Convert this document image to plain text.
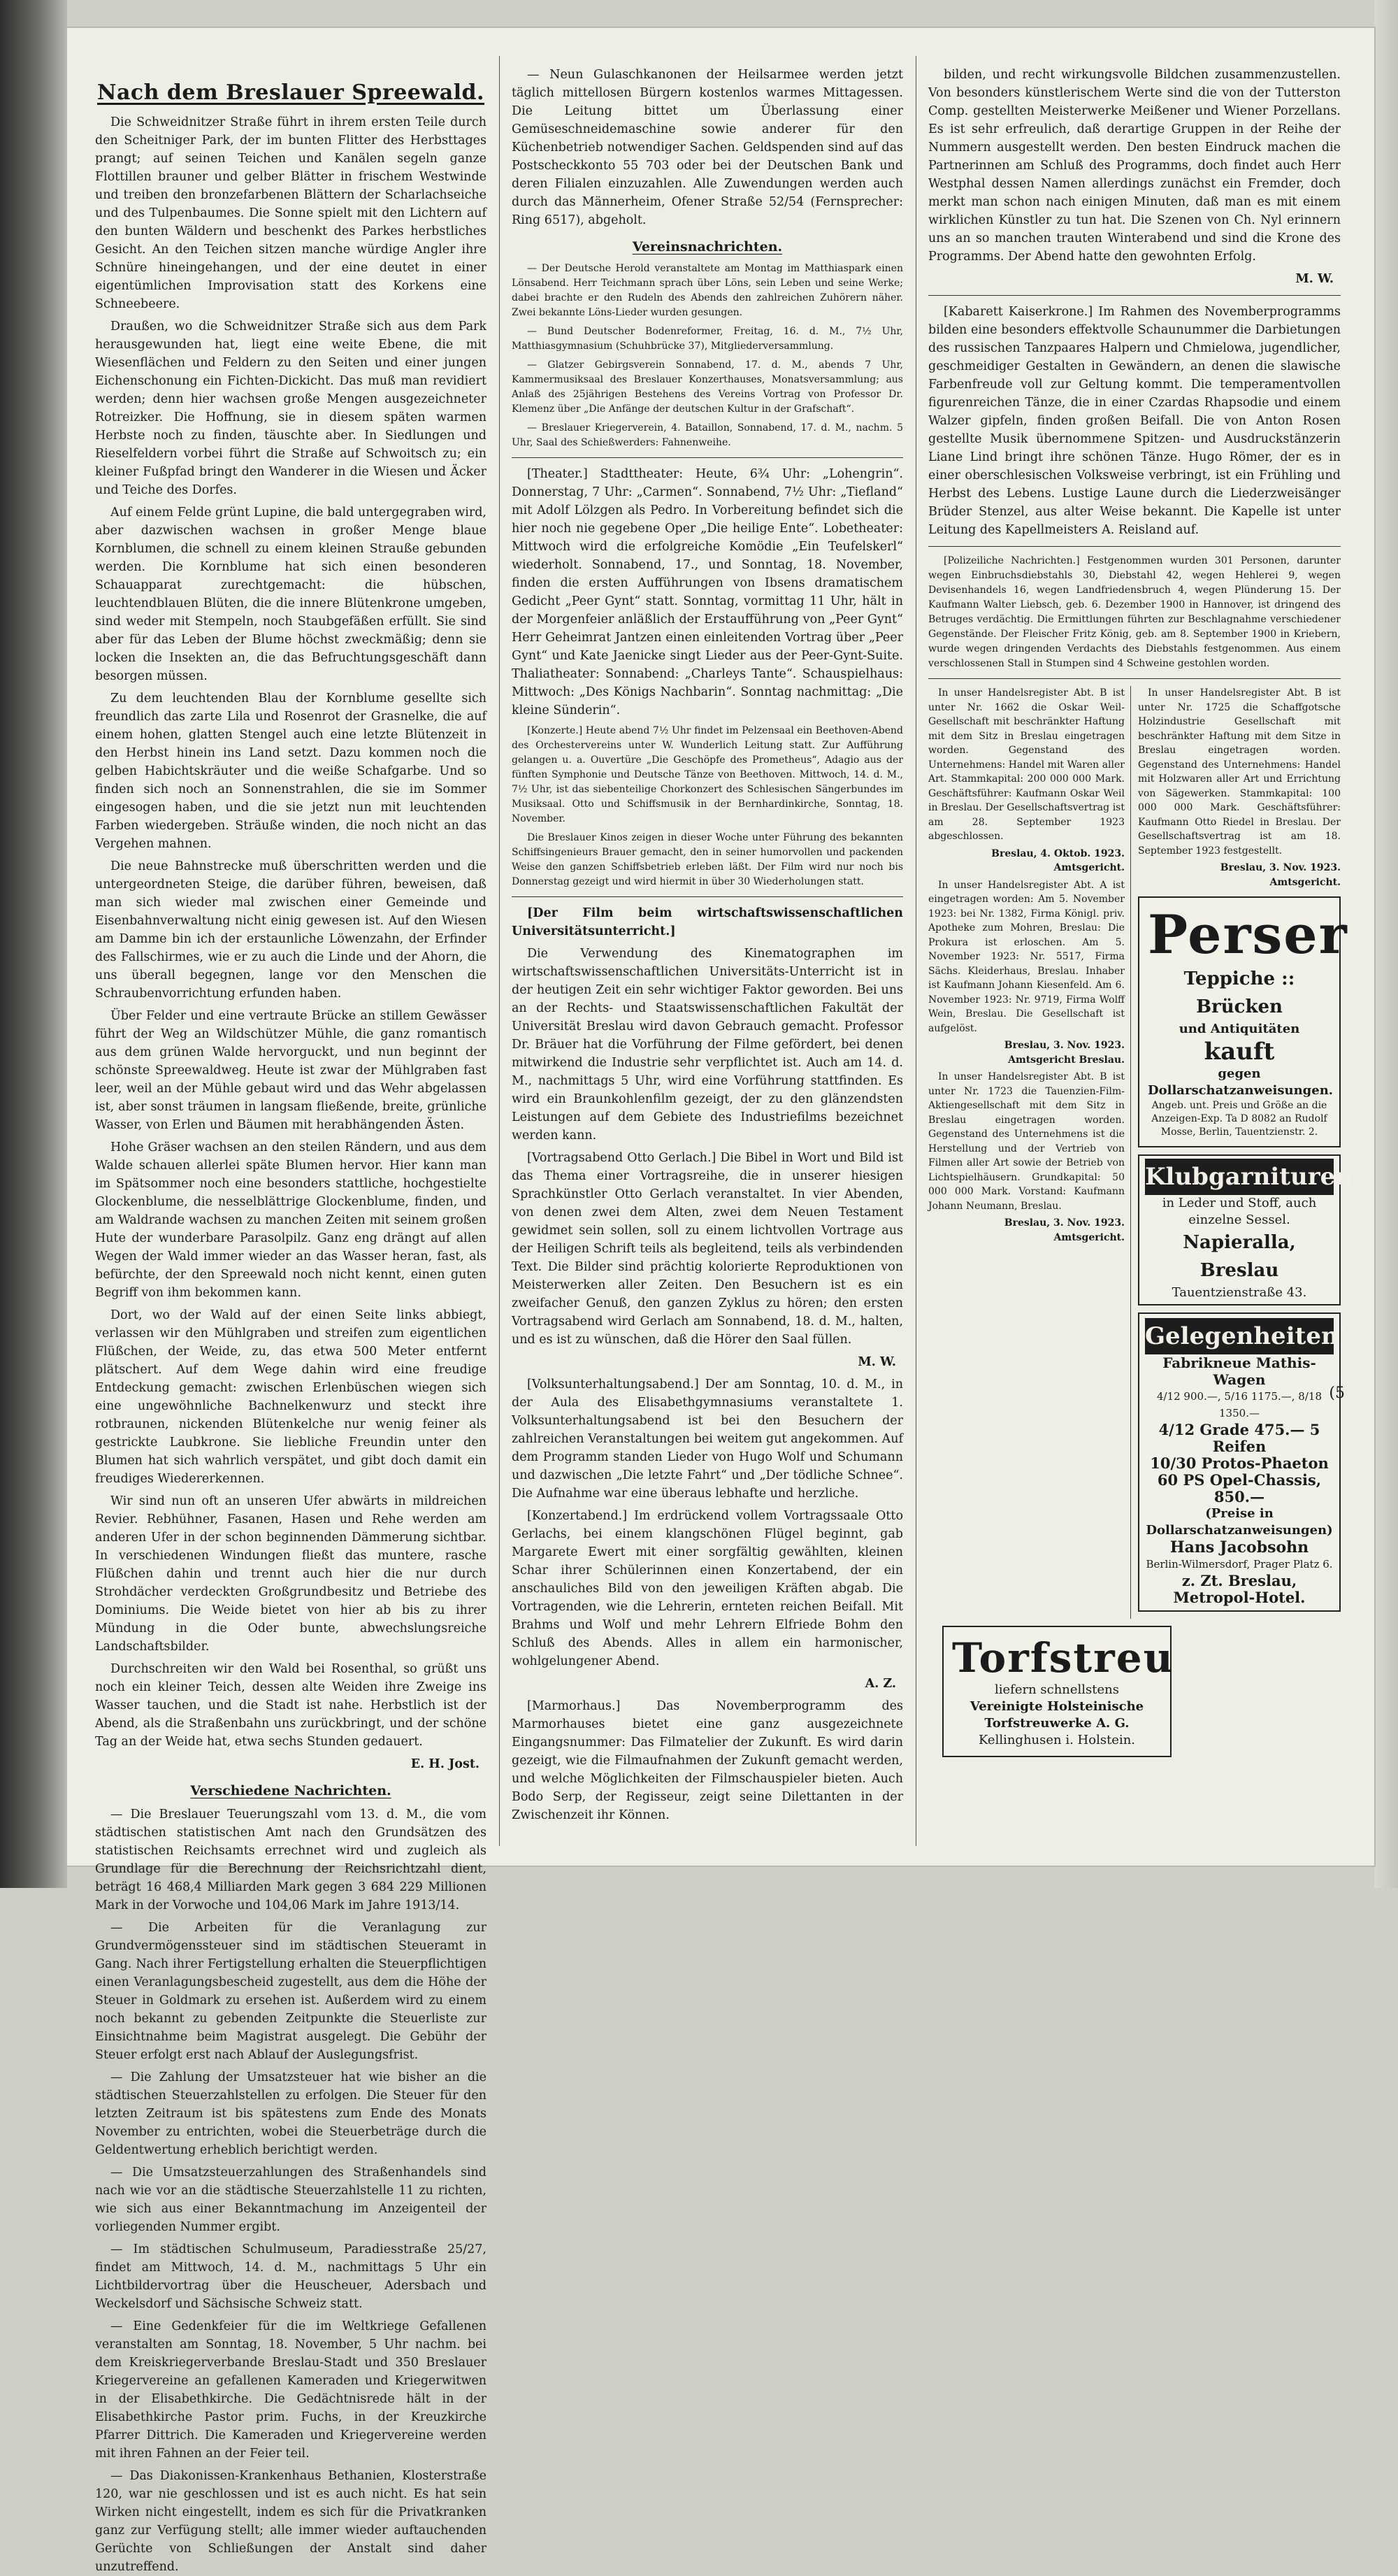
Nach dem Breslauer Spreewald.

Die Schweidnitzer Straße führt in ihrem ersten Teile durch den Scheitniger Park, der im bunten Flitter des Herbsttages prangt; auf seinen Teichen und Kanälen segeln ganze Flottillen brauner und gelber Blätter in frischem Westwinde und treiben den bronzefarbenen Blättern der Scharlachseiche und des Tulpenbaumes. Die Sonne spielt mit den Lichtern auf den bunten Wäldern und beschenkt des Parkes herbstliches Gesicht. An den Teichen sitzen manche würdige Angler ihre Schnüre hineingehangen, und der eine deutet in einer eigentümlichen Improvisation statt des Korkens eine Schneebeere.

Draußen, wo die Schweidnitzer Straße sich aus dem Park herausgewunden hat, liegt eine weite Ebene, die mit Wiesenflächen und Feldern zu den Seiten und einer jungen Eichenschonung ein Fichten-Dickicht. Das muß man revidiert werden; denn hier wachsen große Mengen ausgezeichneter Rotreizker. Die Hoffnung, sie in diesem späten warmen Herbste noch zu finden, täuschte aber. In Siedlungen und Rieselfeldern vorbei führt die Straße auf Schwoitsch zu; ein kleiner Fußpfad bringt den Wanderer in die Wiesen und Äcker und Teiche des Dorfes.

Auf einem Felde grünt Lupine, die bald untergegraben wird, aber dazwischen wachsen in großer Menge blaue Kornblumen, die schnell zu einem kleinen Strauße gebunden werden. Die Kornblume hat sich einen besonderen Schauapparat zurechtgemacht: die hübschen, leuchtendblauen Blüten, die die innere Blütenkrone umgeben, sind weder mit Stempeln, noch Staubgefäßen erfüllt. Sie sind aber für das Leben der Blume höchst zweckmäßig; denn sie locken die Insekten an, die das Befruchtungsgeschäft dann besorgen müssen.

Zu dem leuchtenden Blau der Kornblume gesellte sich freundlich das zarte Lila und Rosenrot der Grasnelke, die auf einem hohen, glatten Stengel auch eine letzte Blütenzeit in den Herbst hinein ins Land setzt. Dazu kommen noch die gelben Habichtskräuter und die weiße Schafgarbe. Und so finden sich noch an Sonnenstrahlen, die sie im Sommer eingesogen haben, und die sie jetzt nun mit leuchtenden Farben wiedergeben. Sträuße winden, die noch nicht an das Vergehen mahnen.

Die neue Bahnstrecke muß überschritten werden und die untergeordneten Steige, die darüber führen, beweisen, daß man sich wieder mal zwischen einer Gemeinde und Eisenbahnverwaltung nicht einig gewesen ist. Auf den Wiesen am Damme bin ich der erstaunliche Löwenzahn, der Erfinder des Fallschirmes, wie er zu auch die Linde und der Ahorn, die uns überall begegnen, lange vor den Menschen die Schraubenvorrichtung erfunden haben.

Über Felder und eine vertraute Brücke an stillem Gewässer führt der Weg an Wildschützer Mühle, die ganz romantisch aus dem grünen Walde hervorguckt, und nun beginnt der schönste Spreewaldweg. Heute ist zwar der Mühlgraben fast leer, weil an der Mühle gebaut wird und das Wehr abgelassen ist, aber sonst träumen in langsam fließende, breite, grünliche Wasser, von Erlen und Bäumen mit herabhängenden Ästen.

Hohe Gräser wachsen an den steilen Rändern, und aus dem Walde schauen allerlei späte Blumen hervor. Hier kann man im Spätsommer noch eine besonders stattliche, hochgestielte Glockenblume, die nesselblättrige Glockenblume, finden, und am Waldrande wachsen zu manchen Zeiten mit seinem großen Hute der wunderbare Parasolpilz. Ganz eng drängt auf allen Wegen der Wald immer wieder an das Wasser heran, fast, als befürchte, der den Spreewald noch nicht kennt, einen guten Begriff von ihm bekommen kann.

Dort, wo der Wald auf der einen Seite links abbiegt, verlassen wir den Mühlgraben und streifen zum eigentlichen Flüßchen, der Weide, zu, das etwa 500 Meter entfernt plätschert. Auf dem Wege dahin wird eine freudige Entdeckung gemacht: zwischen Erlenbüschen wiegen sich eine ungewöhnliche Bachnelkenwurz und steckt ihre rotbraunen, nickenden Blütenkelche nur wenig feiner als gestrickte Laubkrone. Sie liebliche Freundin unter den Blumen hat sich wahrlich verspätet, und gibt doch damit ein freudiges Wiedererkennen.

Wir sind nun oft an unseren Ufer abwärts in mildreichen Revier. Rebhühner, Fasanen, Hasen und Rehe werden am anderen Ufer in der schon beginnenden Dämmerung sichtbar. In verschiedenen Windungen fließt das muntere, rasche Flüßchen dahin und trennt auch hier die nur durch Strohdächer verdeckten Großgrundbesitz und Betriebe des Dominiums. Die Weide bietet von hier ab bis zu ihrer Mündung in die Oder bunte, abwechslungsreiche Landschaftsbilder.

Durchschreiten wir den Wald bei Rosenthal, so grüßt uns noch ein kleiner Teich, dessen alte Weiden ihre Zweige ins Wasser tauchen, und die Stadt ist nahe. Herbstlich ist der Abend, als die Straßenbahn uns zurückbringt, und der schöne Tag an der Weide hat, etwa sechs Stunden gedauert.

E. H. Jost.
Verschiedene Nachrichten.

— Die Breslauer Teuerungszahl vom 13. d. M., die vom städtischen statistischen Amt nach den Grundsätzen des statistischen Reichsamts errechnet wird und zugleich als Grundlage für die Berechnung der Reichsrichtzahl dient, beträgt 16 468,4 Milliarden Mark gegen 3 684 229 Millionen Mark in der Vorwoche und 104,06 Mark im Jahre 1913/14.

— Die Arbeiten für die Veranlagung zur Grundvermögenssteuer sind im städtischen Steueramt in Gang. Nach ihrer Fertigstellung erhalten die Steuerpflichtigen einen Veranlagungsbescheid zugestellt, aus dem die Höhe der Steuer in Goldmark zu ersehen ist. Außerdem wird zu einem noch bekannt zu gebenden Zeitpunkte die Steuerliste zur Einsichtnahme beim Magistrat ausgelegt. Die Gebühr der Steuer erfolgt erst nach Ablauf der Auslegungsfrist.

— Die Zahlung der Umsatzsteuer hat wie bisher an die städtischen Steuerzahlstellen zu erfolgen. Die Steuer für den letzten Zeitraum ist bis spätestens zum Ende des Monats November zu entrichten, wobei die Steuerbeträge durch die Geldentwertung erheblich berichtigt werden.

— Die Umsatzsteuerzahlungen des Straßenhandels sind nach wie vor an die städtische Steuerzahlstelle 11 zu richten, wie sich aus einer Bekanntmachung im Anzeigenteil der vorliegenden Nummer ergibt.

— Im städtischen Schulmuseum, Paradiesstraße 25/27, findet am Mittwoch, 14. d. M., nachmittags 5 Uhr ein Lichtbildervortrag über die Heuscheuer, Adersbach und Weckelsdorf und Sächsische Schweiz statt.

— Eine Gedenkfeier für die im Weltkriege Gefallenen veranstalten am Sonntag, 18. November, 5 Uhr nachm. bei dem Kreiskriegerverbande Breslau-Stadt und 350 Breslauer Kriegervereine an gefallenen Kameraden und Kriegerwitwen in der Elisabethkirche. Die Gedächtnisrede hält in der Elisabethkirche Pastor prim. Fuchs, in der Kreuzkirche Pfarrer Dittrich. Die Kameraden und Kriegervereine werden mit ihren Fahnen an der Feier teil.

— Das Diakonissen-Krankenhaus Bethanien, Klosterstraße 120, war nie geschlossen und ist es auch nicht. Es hat sein Wirken nicht eingestellt, indem es sich für die Privatkranken ganz zur Verfügung stellt; alle immer wieder auftauchenden Gerüchte von Schließungen der Anstalt sind daher unzutreffend.

— Neun Gulaschkanonen der Heilsarmee werden jetzt täglich mittellosen Bürgern kostenlos warmes Mittagessen. Die Leitung bittet um Überlassung einer Gemüseschneidemaschine sowie anderer für den Küchenbetrieb notwendiger Sachen. Geldspenden sind auf das Postscheckkonto 55 703 oder bei der Deutschen Bank und deren Filialen einzuzahlen. Alle Zuwendungen werden auch durch das Männerheim, Ofener Straße 52/54 (Fernsprecher: Ring 6517), abgeholt.

Vereinsnachrichten.

— Der Deutsche Herold veranstaltete am Montag im Matthiaspark einen Lönsabend. Herr Teichmann sprach über Löns, sein Leben und seine Werke; dabei brachte er den Rudeln des Abends den zahlreichen Zuhörern näher. Zwei bekannte Löns-Lieder wurden gesungen.

— Bund Deutscher Bodenreformer, Freitag, 16. d. M., 7½ Uhr, Matthiasgymnasium (Schuhbrücke 37), Mitgliederversammlung.

— Glatzer Gebirgsverein Sonnabend, 17. d. M., abends 7 Uhr, Kammermusiksaal des Breslauer Konzerthauses, Monatsversammlung; aus Anlaß des 25jährigen Bestehens des Vereins Vortrag von Professor Dr. Klemenz über „Die Anfänge der deutschen Kultur in der Grafschaft“.

— Breslauer Kriegerverein, 4. Bataillon, Sonnabend, 17. d. M., nachm. 5 Uhr, Saal des Schießwerders: Fahnenweihe.

[Theater.] Stadttheater: Heute, 6¾ Uhr: „Lohengrin“. Donnerstag, 7 Uhr: „Carmen“. Sonnabend, 7½ Uhr: „Tiefland“ mit Adolf Lölzgen als Pedro. In Vorbereitung befindet sich die hier noch nie gegebene Oper „Die heilige Ente“. Lobetheater: Mittwoch wird die erfolgreiche Komödie „Ein Teufelskerl“ wiederholt. Sonnabend, 17., und Sonntag, 18. November, finden die ersten Aufführungen von Ibsens dramatischem Gedicht „Peer Gynt“ statt. Sonntag, vormittag 11 Uhr, hält in der Morgenfeier anläßlich der Erstaufführung von „Peer Gynt“ Herr Geheimrat Jantzen einen einleitenden Vortrag über „Peer Gynt“ und Kate Jaenicke singt Lieder aus der Peer-Gynt-Suite. Thaliatheater: Sonnabend: „Charleys Tante“. Schauspielhaus: Mittwoch: „Des Königs Nachbarin“. Sonntag nachmittag: „Die kleine Sünderin“.

[Konzerte.] Heute abend 7½ Uhr findet im Pelzensaal ein Beethoven-Abend des Orchestervereins unter W. Wunderlich Leitung statt. Zur Aufführung gelangen u. a. Ouvertüre „Die Geschöpfe des Prometheus“, Adagio aus der fünften Symphonie und Deutsche Tänze von Beethoven. Mittwoch, 14. d. M., 7½ Uhr, ist das siebenteilige Chorkonzert des Schlesischen Sängerbundes im Musiksaal. Otto und Schiffsmusik in der Bernhardinkirche, Sonntag, 18. November.

Die Breslauer Kinos zeigen in dieser Woche unter Führung des bekannten Schiffsingenieurs Brauer gemacht, den in seiner humorvollen und packenden Weise den ganzen Schiffsbetrieb erleben läßt. Der Film wird nur noch bis Donnerstag gezeigt und wird hiermit in über 30 Wiederholungen statt.

[Der Film beim wirtschaftswissenschaftlichen Universitätsunterricht.]

Die Verwendung des Kinematographen im wirtschaftswissenschaftlichen Universitäts-Unterricht ist in der heutigen Zeit ein sehr wichtiger Faktor geworden. Bei uns an der Rechts- und Staatswissenschaftlichen Fakultät der Universität Breslau wird davon Gebrauch gemacht. Professor Dr. Bräuer hat die Vorführung der Filme gefördert, bei denen mitwirkend die Industrie sehr verpflichtet ist. Auch am 14. d. M., nachmittags 5 Uhr, wird eine Vorführung stattfinden. Es wird ein Braunkohlenfilm gezeigt, der zu den glänzendsten Leistungen auf dem Gebiete des Industriefilms bezeichnet werden kann.

[Vortragsabend Otto Gerlach.] Die Bibel in Wort und Bild ist das Thema einer Vortragsreihe, die in unserer hiesigen Sprachkünstler Otto Gerlach veranstaltet. In vier Abenden, von denen zwei dem Alten, zwei dem Neuen Testament gewidmet sein sollen, soll zu einem lichtvollen Vortrage aus der Heiligen Schrift teils als begleitend, teils als verbindenden Text. Die Bilder sind prächtig kolorierte Reproduktionen von Meisterwerken aller Zeiten. Den Besuchern ist es ein zweifacher Genuß, den ganzen Zyklus zu hören; den ersten Vortragsabend wird Gerlach am Sonnabend, 18. d. M., halten, und es ist zu wünschen, daß die Hörer den Saal füllen.

M. W.

[Volksunterhaltungsabend.] Der am Sonntag, 10. d. M., in der Aula des Elisabethgymnasiums veranstaltete 1. Volksunterhaltungsabend ist bei den Besuchern der zahlreichen Veranstaltungen bei weitem gut angekommen. Auf dem Programm standen Lieder von Hugo Wolf und Schumann und dazwischen „Die letzte Fahrt“ und „Der tödliche Schnee“. Die Aufnahme war eine überaus lebhafte und herzliche.

[Konzertabend.] Im erdrückend vollem Vortragssaale Otto Gerlachs, bei einem klangschönen Flügel beginnt, gab Margarete Ewert mit einer sorgfältig gewählten, kleinen Schar ihrer Schülerinnen einen Konzertabend, der ein anschauliches Bild von den jeweiligen Kräften abgab. Die Vortragenden, wie die Lehrerin, ernteten reichen Beifall. Mit Brahms und Wolf und mehr Lehrern Elfriede Bohm den Schluß des Abends. Alles in allem ein harmonischer, wohlgelungener Abend.

A. Z.

[Marmorhaus.] Das Novemberprogramm des Marmorhauses bietet eine ganz ausgezeichnete Eingangsnummer: Das Filmatelier der Zukunft. Es wird darin gezeigt, wie die Filmaufnahmen der Zukunft gemacht werden, und welche Möglichkeiten der Filmschauspieler bieten. Auch Bodo Serp, der Regisseur, zeigt seine Dilettanten in der Zwischenzeit ihr Können.

bilden, und recht wirkungsvolle Bildchen zusammenzustellen. Von besonders künstlerischem Werte sind die von der Tutterston Comp. gestellten Meisterwerke Meißener und Wiener Porzellans. Es ist sehr erfreulich, daß derartige Gruppen in der Reihe der Nummern ausgestellt werden. Den besten Eindruck machen die Partnerinnen am Schluß des Programms, doch findet auch Herr Westphal dessen Namen allerdings zunächst ein Fremder, doch merkt man schon nach einigen Minuten, daß man es mit einem wirklichen Künstler zu tun hat. Die Szenen von Ch. Nyl erinnern uns an so manchen trauten Winterabend und sind die Krone des Programms. Der Abend hatte den gewohnten Erfolg.

M. W.

[Kabarett Kaiserkrone.] Im Rahmen des Novemberprogramms bilden eine besonders effektvolle Schaunummer die Darbietungen des russischen Tanzpaares Halpern und Chmielowa, jugendlicher, geschmeidiger Gestalten in Gewändern, an denen die slawische Farbenfreude voll zur Geltung kommt. Die temperamentvollen figurenreichen Tänze, die in einer Czardas Rhapsodie und einem Walzer gipfeln, finden großen Beifall. Die von Anton Rosen gestellte Musik übernommene Spitzen- und Ausdruckstänzerin Liane Lind bringt ihre schönen Tänze. Hugo Römer, der es in einer oberschlesischen Volksweise verbringt, ist ein Frühling und Herbst des Lebens. Lustige Laune durch die Liederzweisänger Brüder Stenzel, aus alter Weise bekannt. Die Kapelle ist unter Leitung des Kapellmeisters A. Reisland auf.

[Polizeiliche Nachrichten.] Festgenommen wurden 301 Personen, darunter wegen Einbruchsdiebstahls 30, Diebstahl 42, wegen Hehlerei 9, wegen Devisenhandels 16, wegen Landfriedensbruch 4, wegen Plünderung 15. Der Kaufmann Walter Liebsch, geb. 6. Dezember 1900 in Hannover, ist dringend des Betruges verdächtig. Die Ermittlungen führten zur Beschlagnahme verschiedener Gegenstände. Der Fleischer Fritz König, geb. am 8. September 1900 in Kriebern, wurde wegen dringenden Verdachts des Diebstahls festgenommen. Aus einem verschlossenen Stall in Stumpen sind 4 Schweine gestohlen worden.

In unser Handelsregister Abt. B ist unter Nr. 1662 die Oskar Weil-Gesellschaft mit beschränkter Haftung mit dem Sitz in Breslau eingetragen worden. Gegenstand des Unternehmens: Handel mit Waren aller Art. Stammkapital: 200 000 000 Mark. Geschäftsführer: Kaufmann Oskar Weil in Breslau. Der Gesellschaftsvertrag ist am 28. September 1923 abgeschlossen.

Breslau, 4. Oktob. 1923. Amtsgericht.

In unser Handelsregister Abt. A ist eingetragen worden: Am 5. November 1923: bei Nr. 1382, Firma Königl. priv. Apotheke zum Mohren, Breslau: Die Prokura ist erloschen. Am 5. November 1923: Nr. 5517, Firma Sächs. Kleiderhaus, Breslau. Inhaber ist Kaufmann Johann Kiesenfeld. Am 6. November 1923: Nr. 9719, Firma Wolff Wein, Breslau. Die Gesellschaft ist aufgelöst.

Breslau, 3. Nov. 1923. Amtsgericht Breslau.

In unser Handelsregister Abt. B ist unter Nr. 1723 die Tauenzien-Film-Aktiengesellschaft mit dem Sitz in Breslau eingetragen worden. Gegenstand des Unternehmens ist die Herstellung und der Vertrieb von Filmen aller Art sowie der Betrieb von Lichtspielhäusern. Grundkapital: 50 000 000 Mark. Vorstand: Kaufmann Johann Neumann, Breslau.

Breslau, 3. Nov. 1923. Amtsgericht.

In unser Handelsregister Abt. B ist unter Nr. 1725 die Schaffgotsche Holzindustrie Gesellschaft mit beschränkter Haftung mit dem Sitze in Breslau eingetragen worden. Gegenstand des Unternehmens: Handel mit Holzwaren aller Art und Errichtung von Sägewerken. Stammkapital: 100 000 000 Mark. Geschäftsführer: Kaufmann Otto Riedel in Breslau. Der Gesellschaftsvertrag ist am 18. September 1923 festgestellt.

Breslau, 3. Nov. 1923. Amtsgericht.

Perser
Teppiche :: Brücken
und Antiquitäten
kauft
gegen Dollarschatzanweisungen.
Angeb. unt. Preis und Größe an die Anzeigen-Exp. Ta D 8082 an Rudolf Mosse, Berlin, Tauentzienstr. 2.
Klubgarnituren
in Leder und Stoff, auch einzelne Sessel.
Napieralla, Breslau
Tauentzienstraße 43.
Gelegenheiten!
Fabrikneue Mathis-Wagen
4/12 900.—, 5/16 1175.—, 8/18 1350.—
4/12 Grade 475.— 5 Reifen
10/30 Protos-Phaeton
60 PS Opel-Chassis, 850.—
(Preise in Dollarschatzanweisungen)
Hans Jacobsohn
Berlin-Wilmersdorf, Prager Platz 6.
z. Zt. Breslau, Metropol-Hotel.
Torfstreu
liefern schnellstens
Vereinigte Holsteinische Torfstreuwerke A. G.
Kellinghusen i. Holstein.
(5
